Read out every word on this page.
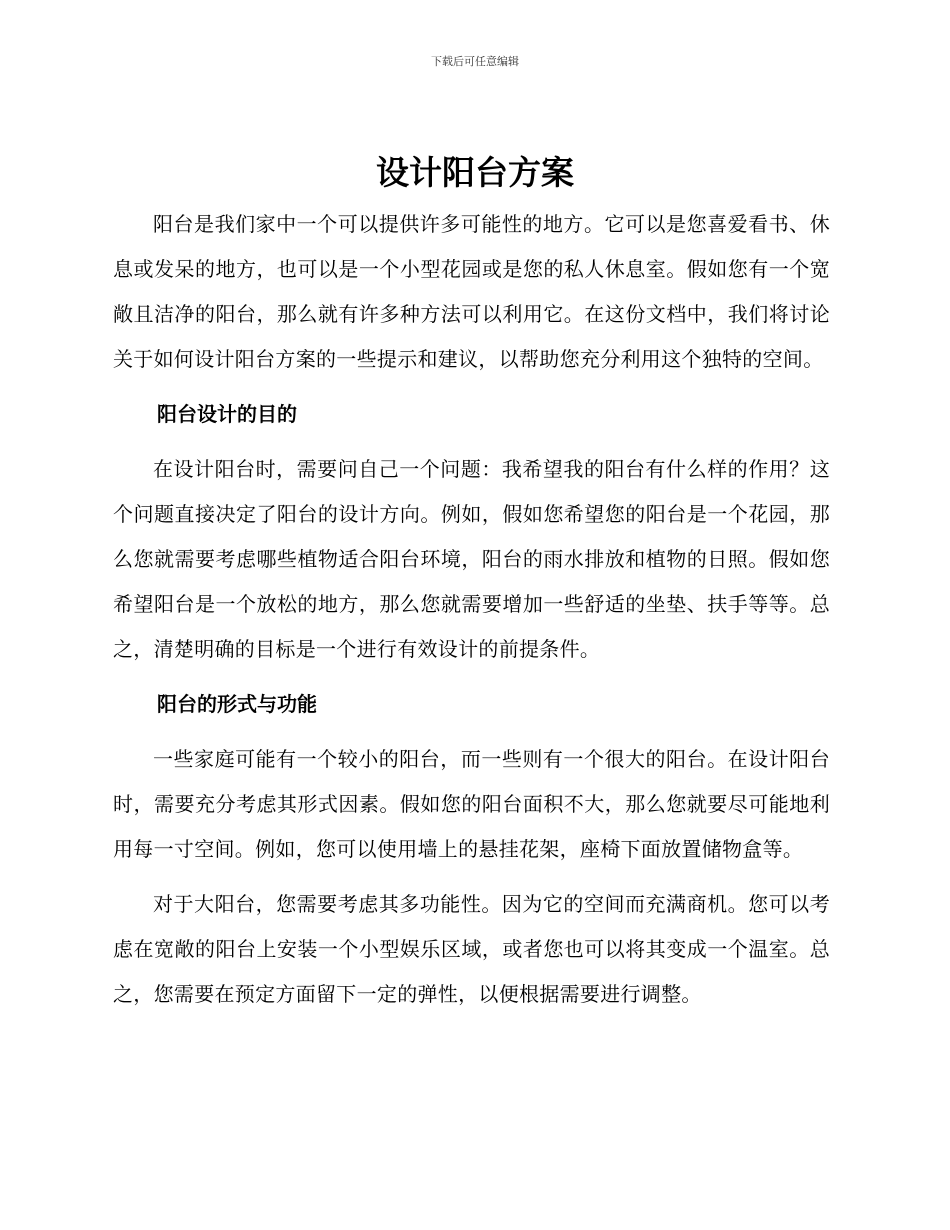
下载后可任意编辑
设计阳台方案

阳台是我们家中一个可以提供许多可能性的地方。它可以是您喜爱看书、休息或发呆的地方，也可以是一个小型花园或是您的私人休息室。假如您有一个宽敞且洁净的阳台，那么就有许多种方法可以利用它。在这份文档中，我们将讨论关于如何设计阳台方案的一些提示和建议，以帮助您充分利用这个独特的空间。

阳台设计的目的

在设计阳台时，需要问自己一个问题：我希望我的阳台有什么样的作用？这个问题直接决定了阳台的设计方向。例如，假如您希望您的阳台是一个花园，那么您就需要考虑哪些植物适合阳台环境，阳台的雨水排放和植物的日照。假如您希望阳台是一个放松的地方，那么您就需要增加一些舒适的坐垫、扶手等等。总之，清楚明确的目标是一个进行有效设计的前提条件。

阳台的形式与功能

一些家庭可能有一个较小的阳台，而一些则有一个很大的阳台。在设计阳台时，需要充分考虑其形式因素。假如您的阳台面积不大，那么您就要尽可能地利用每一寸空间。例如，您可以使用墙上的悬挂花架，座椅下面放置储物盒等。

对于大阳台，您需要考虑其多功能性。因为它的空间而充满商机。您可以考虑在宽敞的阳台上安装一个小型娱乐区域，或者您也可以将其变成一个温室。总之，您需要在预定方面留下一定的弹性，以便根据需要进行调整。
